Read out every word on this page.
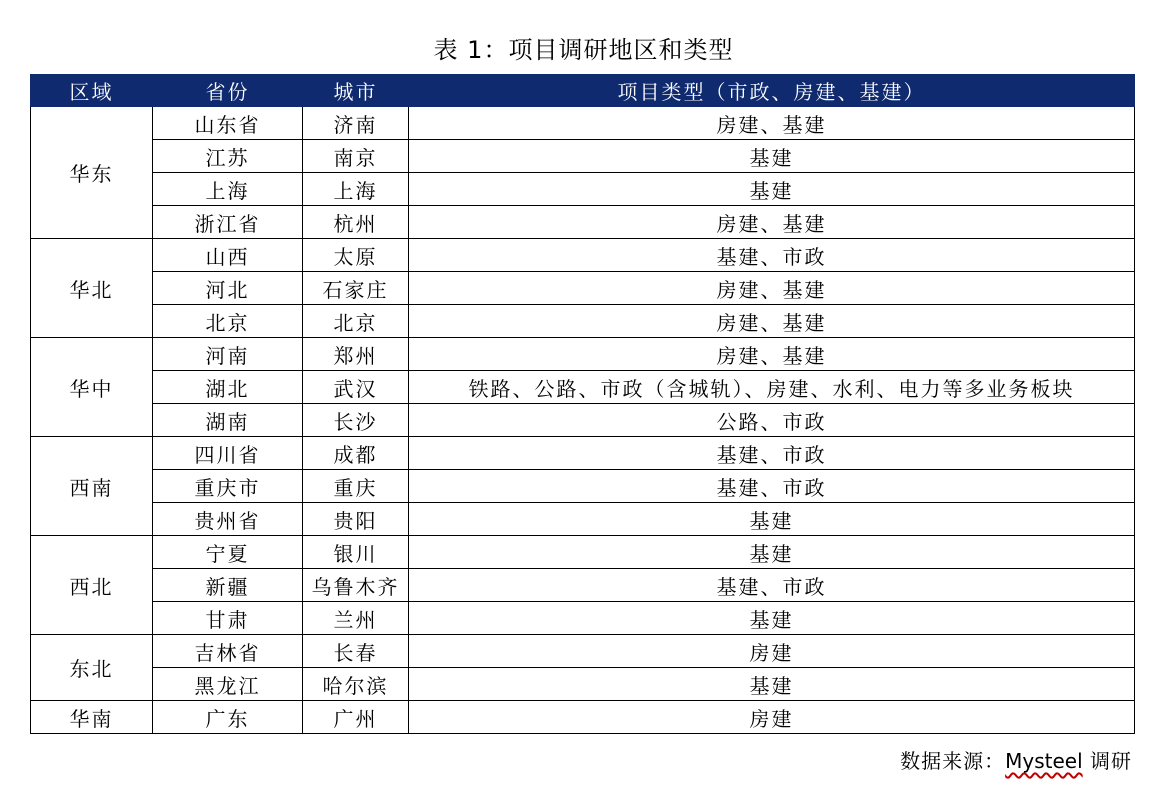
表 1：项目调研地区和类型
区域	省份	城市	项目类型（市政、房建、基建）
华东	山东省	济南	房建、基建
	江苏	南京	基建
	上海	上海	基建
	浙江省	杭州	房建、基建
华北	山西	太原	基建、市政
	河北	石家庄	房建、基建
	北京	北京	房建、基建
华中	河南	郑州	房建、基建
	湖北	武汉	铁路、公路、市政（含城轨）、房建、水利、电力等多业务板块
	湖南	长沙	公路、市政
西南	四川省	成都	基建、市政
	重庆市	重庆	基建、市政
	贵州省	贵阳	基建
西北	宁夏	银川	基建
	新疆	乌鲁木齐	基建、市政
	甘肃	兰州	基建
东北	吉林省	长春	房建
	黑龙江	哈尔滨	基建
华南	广东	广州	房建
数据来源：Mysteel 调研
